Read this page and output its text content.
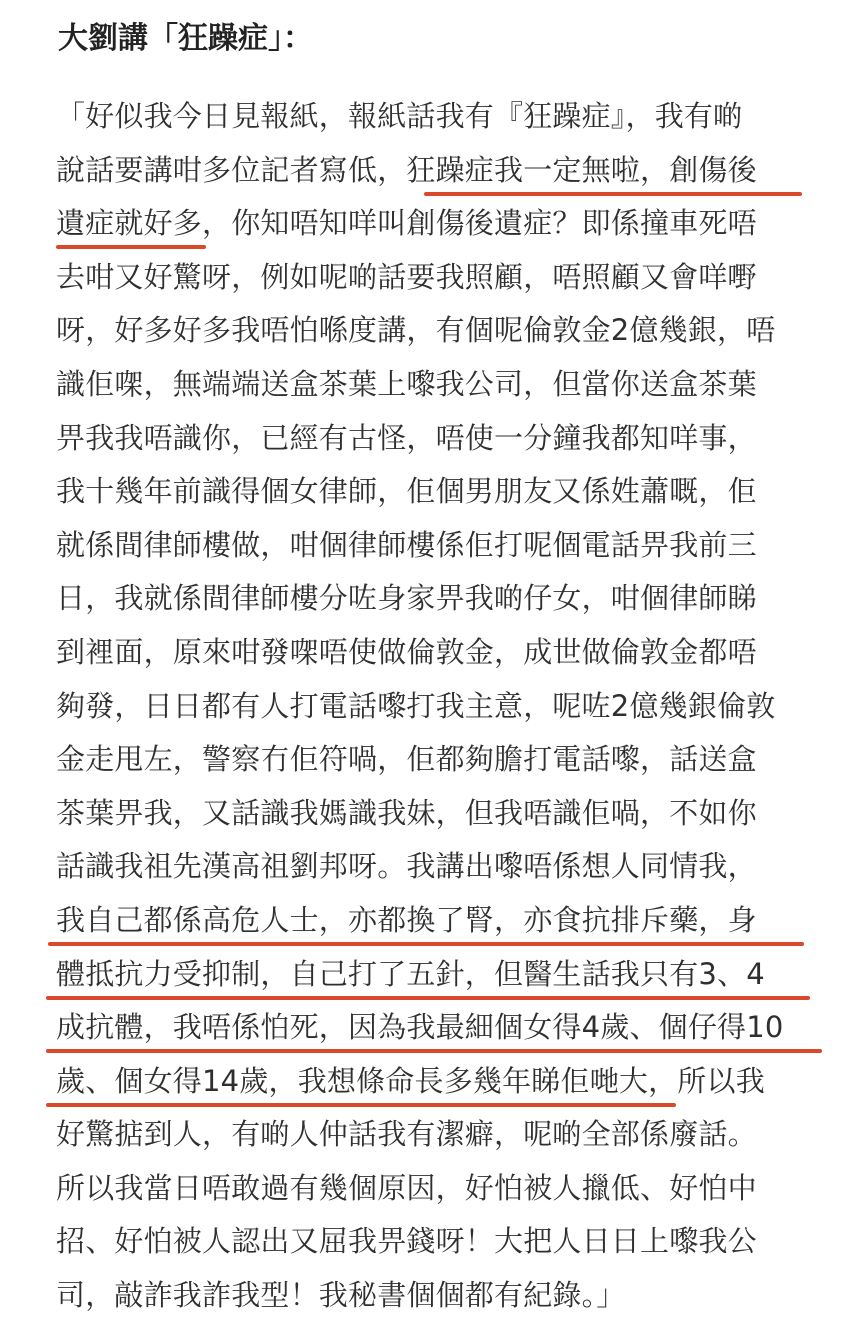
大劉講「狂躁症」：
「好似我今日見報紙，報紙話我有『狂躁症』，我有啲
說話要講咁多位記者寫低，狂躁症我一定無啦，創傷後
遺症就好多，你知唔知咩叫創傷後遺症？即係撞車死唔
去咁又好驚呀，例如呢啲話要我照顧，唔照顧又會咩嘢
呀，好多好多我唔怕喺度講，有個呢倫敦金2億幾銀，唔
識佢㗎，無端端送盒茶葉上嚟我公司，但當你送盒茶葉
畀我我唔識你，已經有古怪，唔使一分鐘我都知咩事，
我十幾年前識得個女律師，佢個男朋友又係姓蕭嘅，佢
就係間律師樓做，咁個律師樓係佢打呢個電話畀我前三
日，我就係間律師樓分咗身家畀我啲仔女，咁個律師睇
到裡面，原來咁發㗎唔使做倫敦金，成世做倫敦金都唔
夠發，日日都有人打電話嚟打我主意，呢咗2億幾銀倫敦
金走甩左，警察冇佢符喎，佢都夠膽打電話嚟，話送盒
茶葉畀我，又話識我媽識我妹，但我唔識佢喎，不如你
話識我祖先漢高祖劉邦呀。我講出嚟唔係想人同情我，
我自己都係高危人士，亦都換了腎，亦食抗排斥藥，身
體抵抗力受抑制，自己打了五針，但醫生話我只有3、4
成抗體，我唔係怕死，因為我最細個女得4歲、個仔得10
歲、個女得14歲，我想條命長多幾年睇佢哋大，所以我
好驚掂到人，有啲人仲話我有潔癖，呢啲全部係廢話。
所以我當日唔敢過有幾個原因，好怕被人擸低、好怕中
招、好怕被人認出又屈我畀錢呀！大把人日日上嚟我公
司，敲詐我詐我型！我秘書個個都有紀錄。」
